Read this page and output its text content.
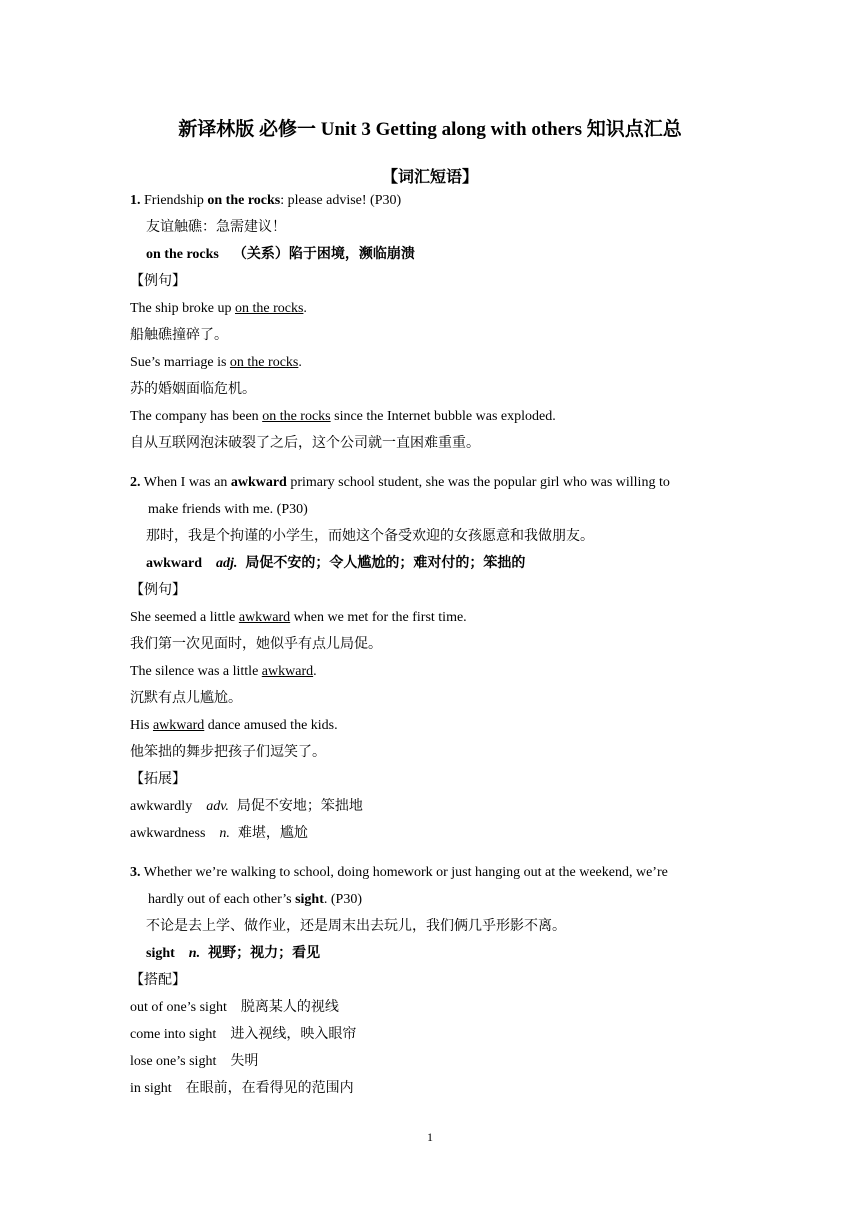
新译林版 必修一 Unit 3 Getting along with others 知识点汇总
【词汇短语】
1. Friendship on the rocks: please advise! (P30)
友谊触礁：急需建议！
on the rocks （关系）陷于困境，濒临崩溃
【例句】
The ship broke up on the rocks.
船触礁撞碎了。
Sue’s marriage is on the rocks.
苏的婚姻面临危机。
The company has been on the rocks since the Internet bubble was exploded.
自从互联网泡沫破裂了之后，这个公司就一直困难重重。
2. When I was an awkward primary school student, she was the popular girl who was willing to
make friends with me. (P30)
那时，我是个拘谨的小学生，而她这个备受欢迎的女孩愿意和我做朋友。
awkward adj. 局促不安的；令人尴尬的；难对付的；笨拙的
【例句】
She seemed a little awkward when we met for the first time.
我们第一次见面时，她似乎有点儿局促。
The silence was a little awkward.
沉默有点儿尴尬。
His awkward dance amused the kids.
他笨拙的舞步把孩子们逗笑了。
【拓展】
awkwardly adv. 局促不安地；笨拙地
awkwardness n. 难堪，尴尬
3. Whether we’re walking to school, doing homework or just hanging out at the weekend, we’re
hardly out of each other’s sight. (P30)
不论是去上学、做作业，还是周末出去玩儿，我们俩几乎形影不离。
sight n. 视野；视力；看见
【搭配】
out of one’s sight 脱离某人的视线
come into sight 进入视线，映入眼帘
lose one’s sight 失明
in sight 在眼前，在看得见的范围内
1
